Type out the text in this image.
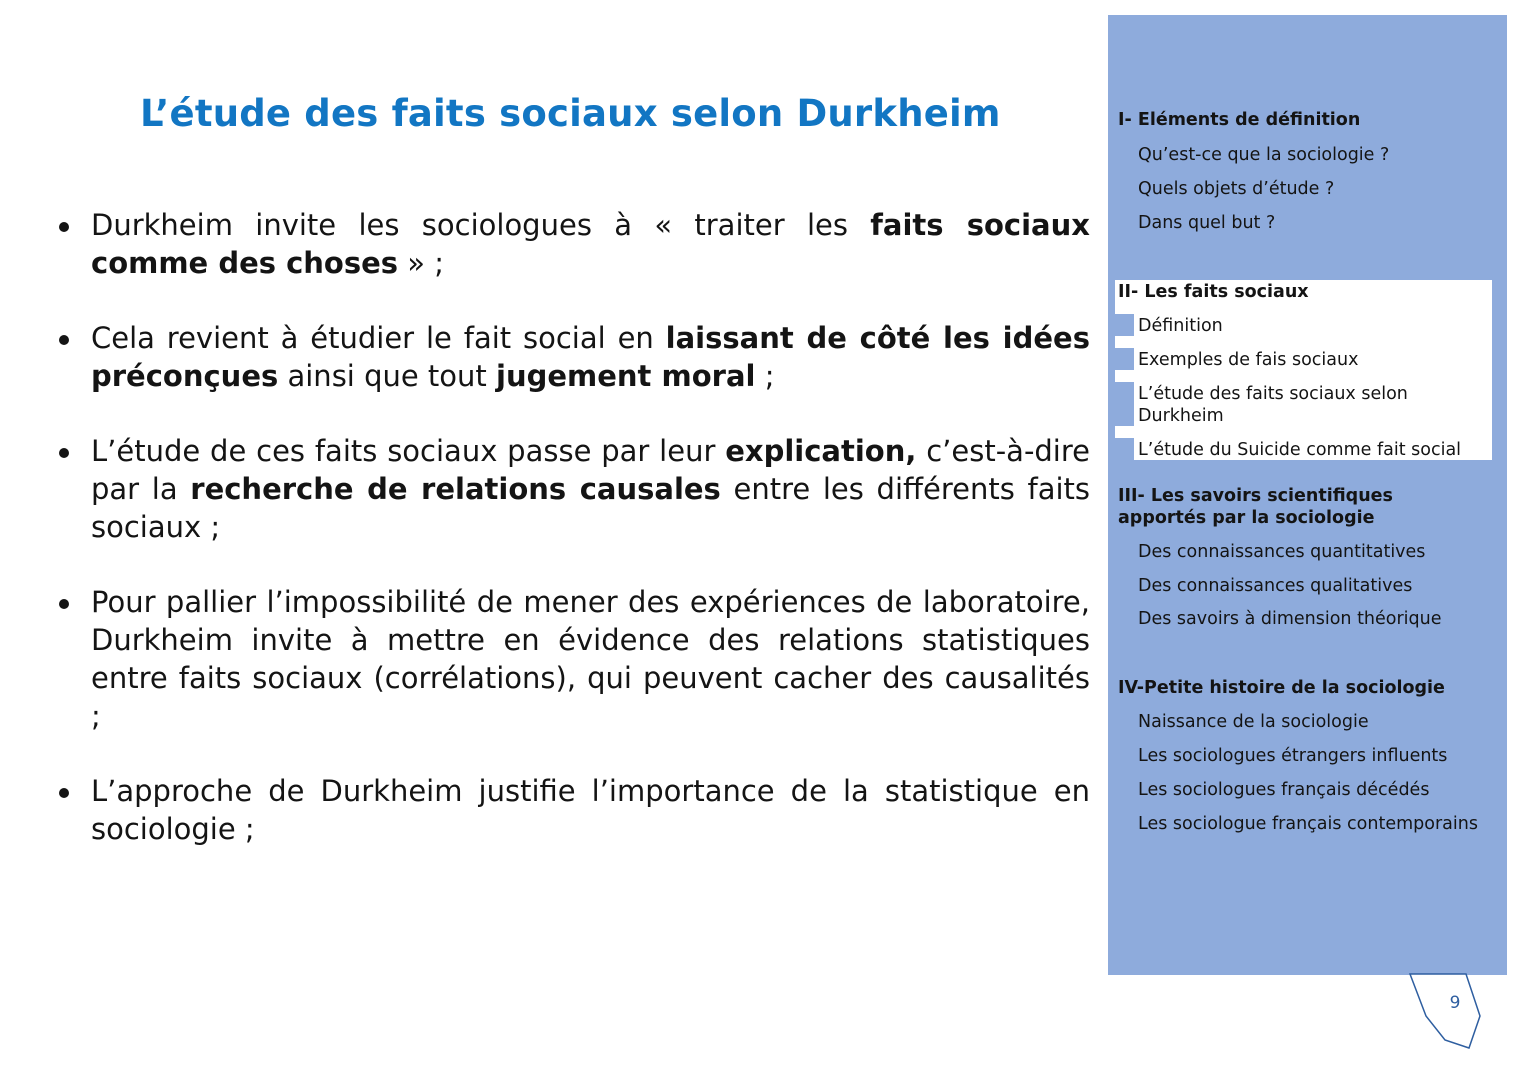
L’étude des faits sociaux selon Durkheim
Durkheim invite les sociologues à « traiter les faits sociaux comme des choses » ;
Cela revient à étudier le fait social en laissant de côté les idées préconçues ainsi que tout jugement moral ;
L’étude de ces faits sociaux passe par leur explication, c’est-à-dire par la recherche de relations causales entre les différents faits sociaux ;
Pour pallier l’impossibilité de mener des expériences de laboratoire, Durkheim invite à mettre en évidence des relations statistiques entre faits sociaux (corrélations), qui peuvent cacher des causalités ;
L’approche de Durkheim justifie l’importance de la statistique en sociologie ;
I- Eléments de définition
Qu’est-ce que la sociologie ?
Quels objets d’étude ?
Dans quel but ?
II- Les faits sociaux
Définition
Exemples de fais sociaux
L’étude des faits sociaux selon
Durkheim
L’étude du Suicide comme fait social
III- Les savoirs scientifiques
apportés par la sociologie
Des connaissances quantitatives
Des connaissances qualitatives
Des savoirs à dimension théorique
IV-Petite histoire de la sociologie
Naissance de la sociologie
Les sociologues étrangers influents
Les sociologues français décédés
Les sociologue français contemporains
9
